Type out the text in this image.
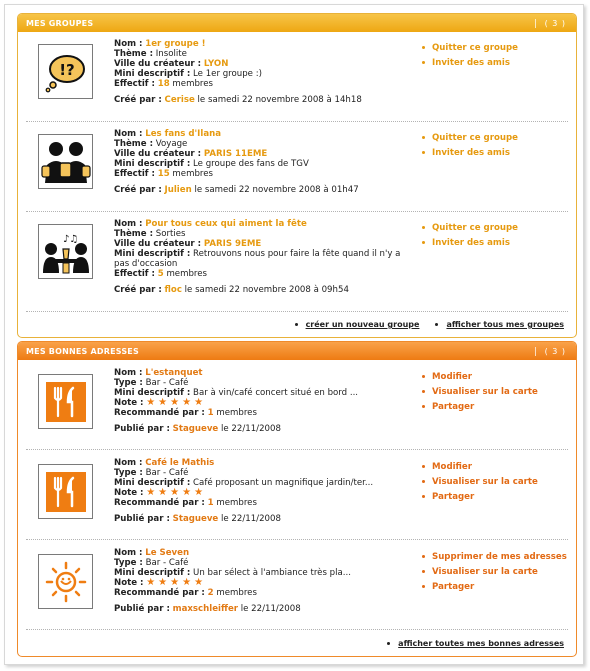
MES GROUPES	( 3 )
!?
Nom : 1er groupe !
Thème : Insolite
Ville du créateur : LYON
Mini descriptif : Le 1er groupe :)
Effectif : 18 membres
Créé par : Cerise le samedi 22 novembre 2008 à 14h18
Quitter ce groupe
Inviter des amis
Nom : Les fans d'Ilana
Thème : Voyage
Ville du créateur : PARIS 11EME
Mini descriptif : Le groupe des fans de TGV
Effectif : 15 membres
Créé par : Julien le samedi 22 novembre 2008 à 01h47
Quitter ce groupe
Inviter des amis
♪♫
Nom : Pour tous ceux qui aiment la fête
Thème : Sorties
Ville du créateur : PARIS 9EME
Mini descriptif : Retrouvons nous pour faire la fête quand il n'y a
pas d'occasion
Effectif : 5 membres
Créé par : floc le samedi 22 novembre 2008 à 09h54
Quitter ce groupe
Inviter des amis
créer un nouveau groupe	afficher tous mes groupes
MES BONNES ADRESSES	( 3 )
Nom : L'estanquet
Type : Bar - Café
Mini descriptif : Bar à vin/café concert situé en bord ...
Note : ★★★★★
Recommandé par : 1 membres
Publié par : Stagueve le 22/11/2008
Modifier
Visualiser sur la carte
Partager
Nom : Café le Mathis
Type : Bar - Café
Mini descriptif : Café proposant un magnifique jardin/ter...
Note : ★★★★★
Recommandé par : 1 membres
Publié par : Stagueve le 22/11/2008
Modifier
Visualiser sur la carte
Partager
Nom : Le Seven
Type : Bar - Café
Mini descriptif : Un bar sélect à l'ambiance très pla...
Note : ★★★★★
Recommandé par : 2 membres
Publié par : maxschleiffer le 22/11/2008
Supprimer de mes adresses
Visualiser sur la carte
Partager
afficher toutes mes bonnes adresses
